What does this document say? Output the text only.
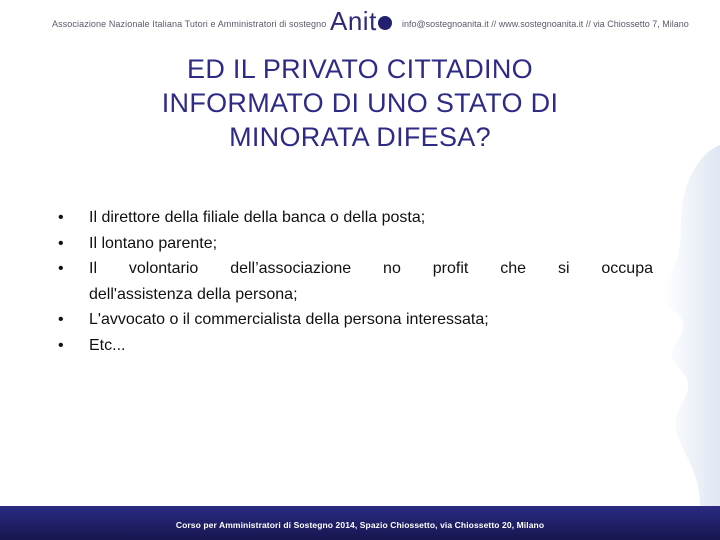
Associazione Nazionale Italiana Tutori e Amministratori di sostegno Anit	info@sostegnoanita.it // www.sostegnoanita.it // via Chiossetto 7, Milano
ED IL PRIVATO CITTADINO
INFORMATO DI UNO STATO DI
MINORATA DIFESA?
•	Il direttore della filiale della banca o della posta;
•	Il lontano parente;
•	Il volontario dell’associazione no profit che si occupa
dell'assistenza della persona;
•	L'avvocato o il commercialista della persona interessata;
•	Etc...
Corso per Amministratori di Sostegno 2014, Spazio Chiossetto, via Chiossetto 20, Milano
